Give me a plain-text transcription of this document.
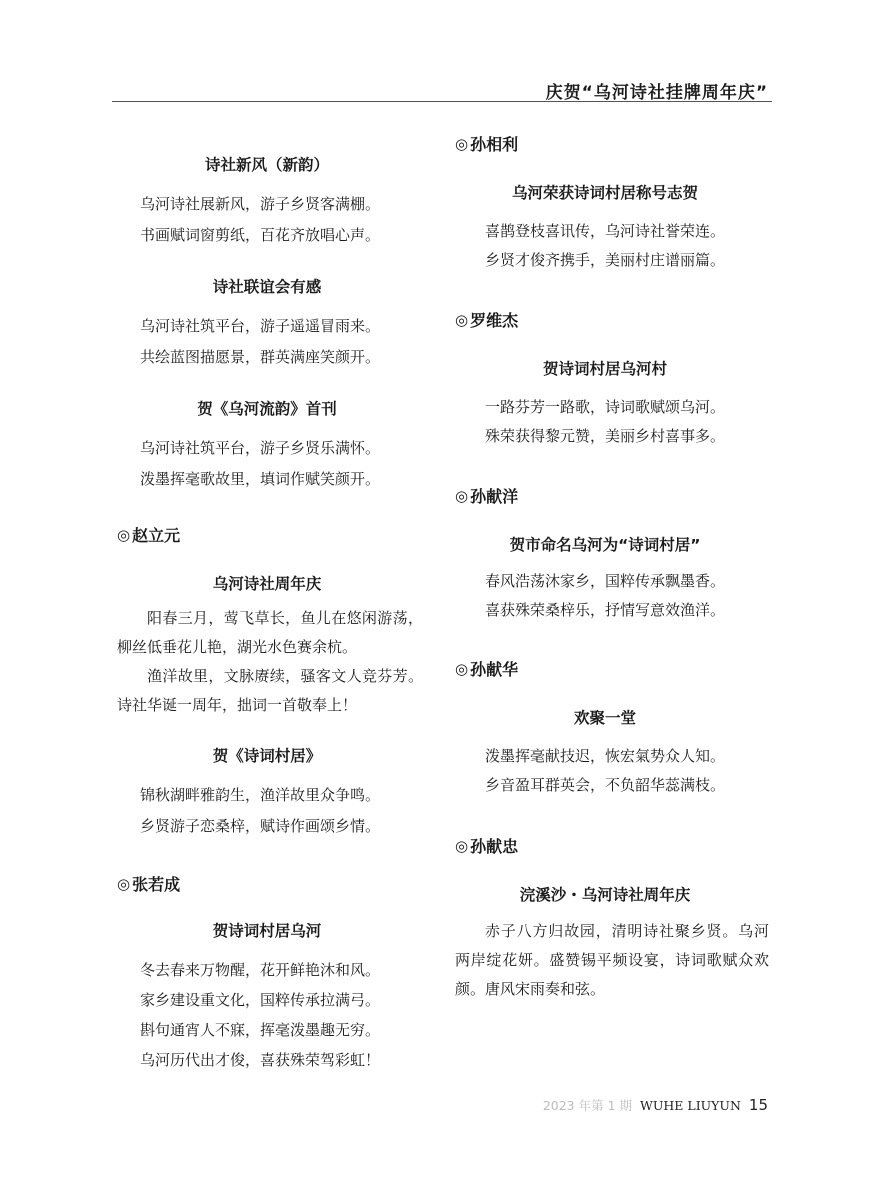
庆贺“乌河诗社挂牌周年庆”

诗社新风（新韵）

乌河诗社展新风，游子乡贤客满棚。

书画赋词窗剪纸，百花齐放唱心声。

诗社联谊会有感

乌河诗社筑平台，游子遥遥冒雨来。

共绘蓝图描愿景，群英满座笑颜开。

贺《乌河流韵》首刊

乌河诗社筑平台，游子乡贤乐满怀。

泼墨挥毫歌故里，填词作赋笑颜开。

◎ 赵立元

乌河诗社周年庆

阳春三月，莺飞草长，鱼儿在悠闲游荡，柳丝低垂花儿艳，湖光水色赛余杭。

渔洋故里，文脉赓续，骚客文人竞芬芳。诗社华诞一周年，拙词一首敬奉上！

贺《诗词村居》

锦秋湖畔雅韵生，渔洋故里众争鸣。

乡贤游子恋桑梓，赋诗作画颂乡情。

◎ 张若成

贺诗词村居乌河

冬去春来万物醒，花开鲜艳沐和风。

家乡建设重文化，国粹传承拉满弓。

斟句通宵人不寐，挥毫泼墨趣无穷。

乌河历代出才俊，喜获殊荣驾彩虹！

◎ 孙相利

乌河荣获诗词村居称号志贺

喜鹊登枝喜讯传，乌河诗社誉荣连。

乡贤才俊齐携手，美丽村庄谱丽篇。

◎ 罗维杰

贺诗词村居乌河村

一路芬芳一路歌，诗词歌赋颂乌河。

殊荣获得黎元赞，美丽乡村喜事多。

◎ 孙献洋

贺市命名乌河为“诗词村居”

春风浩荡沐家乡，国粹传承飘墨香。

喜获殊荣桑梓乐，抒情写意效渔洋。

◎ 孙献华

欢聚一堂

泼墨挥毫献技迟，恢宏氣势众人知。

乡音盈耳群英会，不负韶华蕊满枝。

◎ 孙献忠

浣溪沙・乌河诗社周年庆

赤子八方归故园，清明诗社聚乡贤。乌河两岸绽花妍。盛赞锡平频设宴，诗词歌赋众欢颜。唐风宋雨奏和弦。

2023 年第 1 期 WUHE LIUYUN 15
